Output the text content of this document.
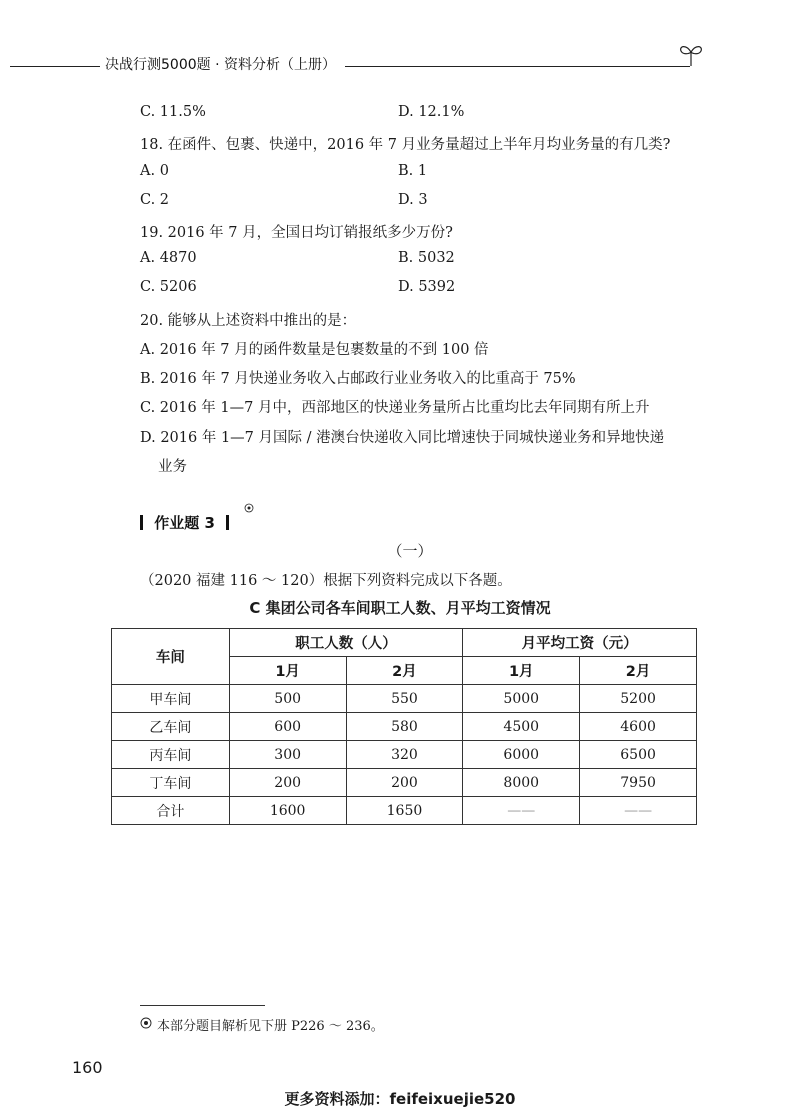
决战行测5000题 · 资料分析（上册）
C. 11.5%	D. 12.1%
18. 在函件、包裹、快递中，2016 年 7 月业务量超过上半年月均业务量的有几类?
A. 0	B. 1
C. 2	D. 3
19. 2016 年 7 月，全国日均订销报纸多少万份?
A. 4870	B. 5032
C. 5206	D. 5392
20. 能够从上述资料中推出的是：
A. 2016 年 7 月的函件数量是包裹数量的不到 100 倍
B. 2016 年 7 月快递业务收入占邮政行业业务收入的比重高于 75%
C. 2016 年 1—7 月中，西部地区的快递业务量所占比重均比去年同期有所上升
D. 2016 年 1—7 月国际 / 港澳台快递收入同比增速快于同城快递业务和异地快递
业务
作业题 3
（一）
（2020 福建 116 ～ 120）根据下列资料完成以下各题。
C 集团公司各车间职工人数、月平均工资情况
车间	职工人数（人）		月平均工资（元）	
	1月	2月	1月	2月
甲车间	500	550	5000	5200
乙车间	600	580	4500	4600
丙车间	300	320	6000	6500
丁车间	200	200	8000	7950
合计	1600	1650	——	——
本部分题目解析见下册 P226 ～ 236。
160
更多资料添加：feifeixuejie520
